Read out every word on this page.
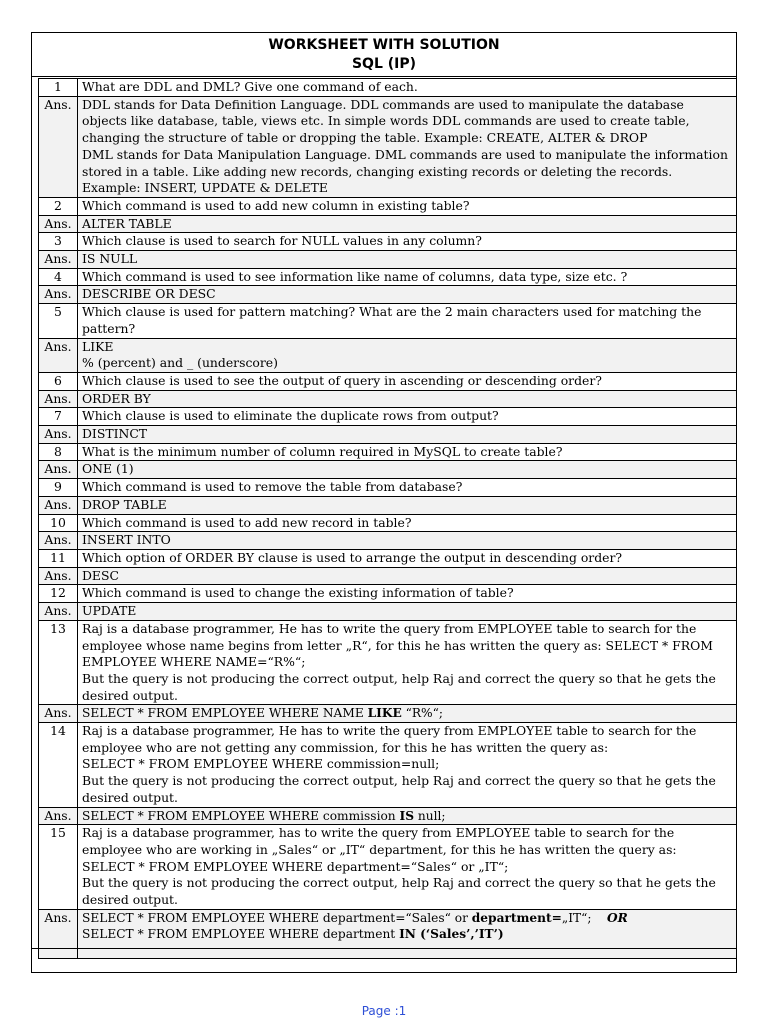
WORKSHEET WITH SOLUTION
SQL (IP)
1	What are DDL and DML? Give one command of each.
Ans.	DDL stands for Data Definition Language. DDL commands are used to manipulate the database objects like database, table, views etc. In simple words DDL commands are used to create table, changing the structure of table or dropping the table. Example: CREATE, ALTER & DROP
DML stands for Data Manipulation Language. DML commands are used to manipulate the information stored in a table. Like adding new records, changing existing records or deleting the records. Example: INSERT, UPDATE & DELETE

2	Which command is used to add new column in existing table?
Ans.	ALTER TABLE
3	Which clause is used to search for NULL values in any column?
Ans.	IS NULL
4	Which command is used to see information like name of columns, data type, size etc. ?
Ans.	DESCRIBE OR DESC
5	Which clause is used for pattern matching? What are the 2 main characters used for matching the pattern?
Ans.	LIKE
% (percent) and _ (underscore)

6	Which clause is used to see the output of query in ascending or descending order?
Ans.	ORDER BY
7	Which clause is used to eliminate the duplicate rows from output?
Ans.	DISTINCT
8	What is the minimum number of column required in MySQL to create table?
Ans.	ONE (1)
9	Which command is used to remove the table from database?
Ans.	DROP TABLE
10	Which command is used to add new record in table?
Ans.	INSERT INTO
11	Which option of ORDER BY clause is used to arrange the output in descending order?
Ans.	DESC
12	Which command is used to change the existing information of table?
Ans.	UPDATE
13	Raj is a database programmer, He has to write the query from EMPLOYEE table to search for the employee whose name begins from letter „R“, for this he has written the query as: SELECT * FROM EMPLOYEE WHERE NAME=“R%“;
But the query is not producing the correct output, help Raj and correct the query so that he gets the desired output.

Ans.	SELECT * FROM EMPLOYEE WHERE NAME LIKE “R%“;
14	Raj is a database programmer, He has to write the query from EMPLOYEE table to search for the employee who are not getting any commission, for this he has written the query as:
SELECT * FROM EMPLOYEE WHERE commission=null;
But the query is not producing the correct output, help Raj and correct the query so that he gets the desired output.

Ans.	SELECT * FROM EMPLOYEE WHERE commission IS null;
15	Raj is a database programmer, has to write the query from EMPLOYEE table to search for the employee who are working in „Sales“ or „IT“ department, for this he has written the query as:
SELECT * FROM EMPLOYEE WHERE department=“Sales“ or „IT“;
But the query is not producing the correct output, help Raj and correct the query so that he gets the desired output.

Ans.	SELECT * FROM EMPLOYEE WHERE department=“Sales“ or department=„IT“; OR
SELECT * FROM EMPLOYEE WHERE department IN (‘Sales’,’IT’)
Page :1
